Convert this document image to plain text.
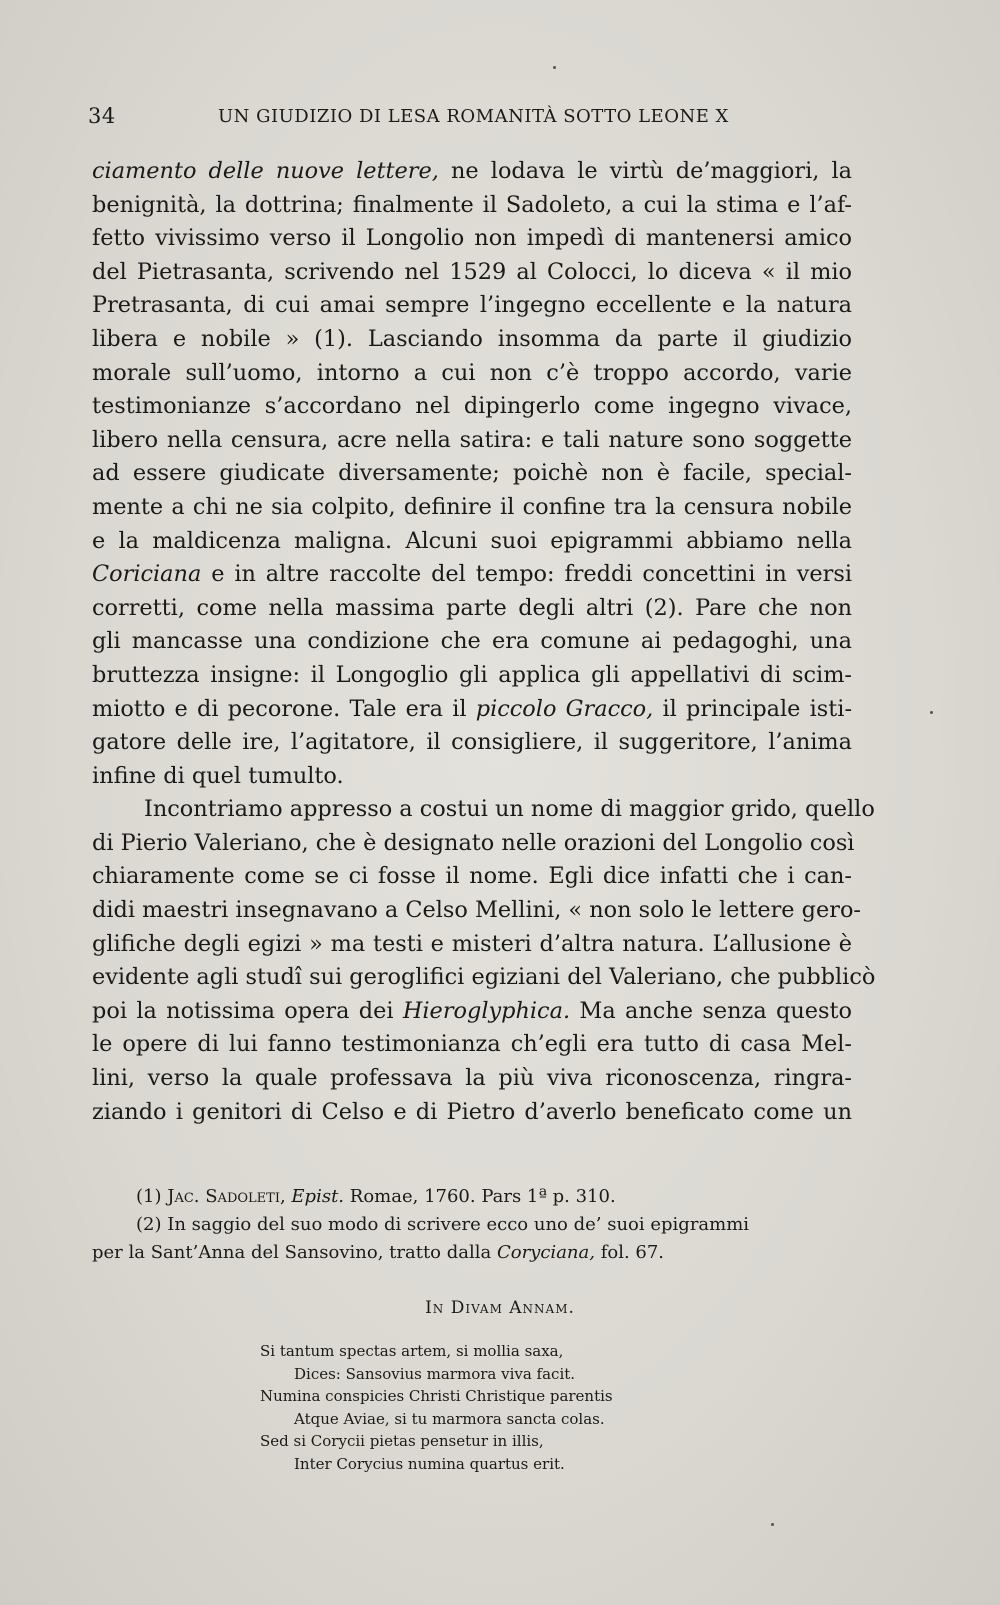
34	UN GIUDIZIO DI LESA ROMANITÀ SOTTO LEONE X
ciamento delle nuove lettere, ne lodava le virtù de’maggiori, la
benignità, la dottrina; finalmente il Sadoleto, a cui la stima e l’af-
fetto vivissimo verso il Longolio non impedì di mantenersi amico
del Pietrasanta, scrivendo nel 1529 al Colocci, lo diceva « il mio
Pretrasanta, di cui amai sempre l’ingegno eccellente e la natura
libera e nobile » (1). Lasciando insomma da parte il giudizio
morale sull’uomo, intorno a cui non c’è troppo accordo, varie
testimonianze s’accordano nel dipingerlo come ingegno vivace,
libero nella censura, acre nella satira: e tali nature sono soggette
ad essere giudicate diversamente; poichè non è facile, special-
mente a chi ne sia colpito, definire il confine tra la censura nobile
e la maldicenza maligna. Alcuni suoi epigrammi abbiamo nella
Coriciana e in altre raccolte del tempo: freddi concettini in versi
corretti, come nella massima parte degli altri (2). Pare che non
gli mancasse una condizione che era comune ai pedagoghi, una
bruttezza insigne: il Longoglio gli applica gli appellativi di scim-
miotto e di pecorone. Tale era il piccolo Gracco, il principale isti-
gatore delle ire, l’agitatore, il consigliere, il suggeritore, l’anima
infine di quel tumulto.
Incontriamo appresso a costui un nome di maggior grido, quello
di Pierio Valeriano, che è designato nelle orazioni del Longolio così
chiaramente come se ci fosse il nome. Egli dice infatti che i can-
didi maestri insegnavano a Celso Mellini, « non solo le lettere gero-
glifiche degli egizi » ma testi e misteri d’altra natura. L’allusione è
evidente agli studî sui geroglifici egiziani del Valeriano, che pubblicò
poi la notissima opera dei Hieroglyphica. Ma anche senza questo
le opere di lui fanno testimonianza ch’egli era tutto di casa Mel-
lini, verso la quale professava la più viva riconoscenza, ringra-
ziando i genitori di Celso e di Pietro d’averlo beneficato come un
(1) Jac. Sadoleti, Epist. Romae, 1760. Pars 1ª p. 310.
(2) In saggio del suo modo di scrivere ecco uno de’ suoi epigrammi
per la Sant’Anna del Sansovino, tratto dalla Coryciana, fol. 67.
In Divam Annam.
Si tantum spectas artem, si mollia saxa,
Dices: Sansovius marmora viva facit.
Numina conspicies Christi Christique parentis
Atque Aviae, si tu marmora sancta colas.
Sed si Corycii pietas pensetur in illis,
Inter Corycius numina quartus erit.
